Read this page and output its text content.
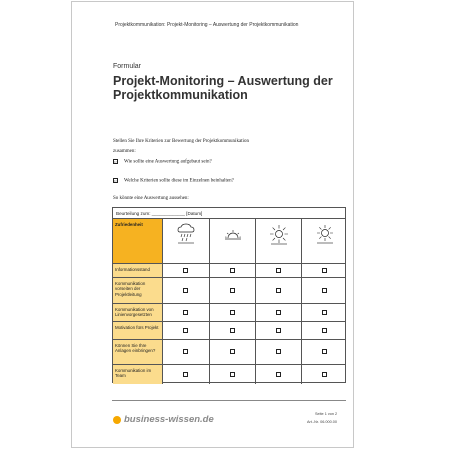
Projektkommunikation: Projekt-Monitoring – Auswertung der Projektkommunikation
Formular
Projekt-Monitoring – Auswertung der Projektkommunikation
Stellen Sie Ihre Kriterien zur Bewertung der Projektkommunikation
zusammen:
☑ Wie sollte eine Auswertung aufgebaut sein?
☑ Welche Kriterien sollte diese im Einzelnen beinhalten?
So könnte eine Auswertung aussehen:
Beurteilung zum: _____________ [Datum]
Zufriedenheit
Informationsstand
Kommunikation vorseiten der Projektleitung
Kommunikation von Linienvorgesetzten
Motivation fürs Projekt
Können Sie Ihre Anlagen einbringen?
Kommunikation im Team
business-wissen.de	Seite 1 von 2
Art.-Nr. 06.000.00
